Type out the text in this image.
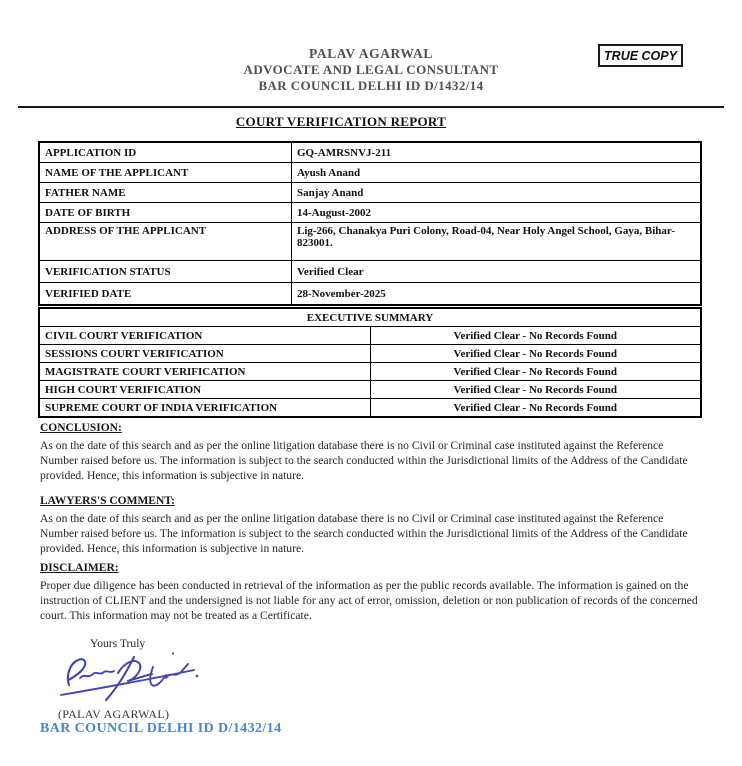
TRUE COPY
PALAV AGARWAL
ADVOCATE AND LEGAL CONSULTANT
BAR COUNCIL DELHI ID D/1432/14
COURT VERIFICATION REPORT
APPLICATION ID	GQ-AMRSNVJ-211
NAME OF THE APPLICANT	Ayush Anand
FATHER NAME	Sanjay Anand
DATE OF BIRTH	14-August-2002
ADDRESS OF THE APPLICANT	Lig-266, Chanakya Puri Colony, Road-04, Near Holy Angel School, Gaya, Bihar-823001.
VERIFICATION STATUS	Verified Clear
VERIFIED DATE	28-November-2025
EXECUTIVE SUMMARY	
CIVIL COURT VERIFICATION	Verified Clear - No Records Found
SESSIONS COURT VERIFICATION	Verified Clear - No Records Found
MAGISTRATE COURT VERIFICATION	Verified Clear - No Records Found
HIGH COURT VERIFICATION	Verified Clear - No Records Found
SUPREME COURT OF INDIA VERIFICATION	Verified Clear - No Records Found
CONCLUSION:

As on the date of this search and as per the online litigation database there is no Civil or Criminal case instituted against the Reference Number raised before us. The information is subject to the search conducted within the Jurisdictional limits of the Address of the Candidate provided. Hence, this information is subjective in nature.

LAWYERS'S COMMENT:

As on the date of this search and as per the online litigation database there is no Civil or Criminal case instituted against the Reference Number raised before us. The information is subject to the search conducted within the Jurisdictional limits of the Address of the Candidate provided. Hence, this information is subjective in nature.

DISCLAIMER:

Proper due diligence has been conducted in retrieval of the information as per the public records available. The information is gained on the instruction of CLIENT and the undersigned is not liable for any act of error, omission, deletion or non publication of records of the concerned court. This information may not be treated as a Certificate.

Yours Truly
(PALAV AGARWAL)
BAR COUNCIL DELHI ID D/1432/14
